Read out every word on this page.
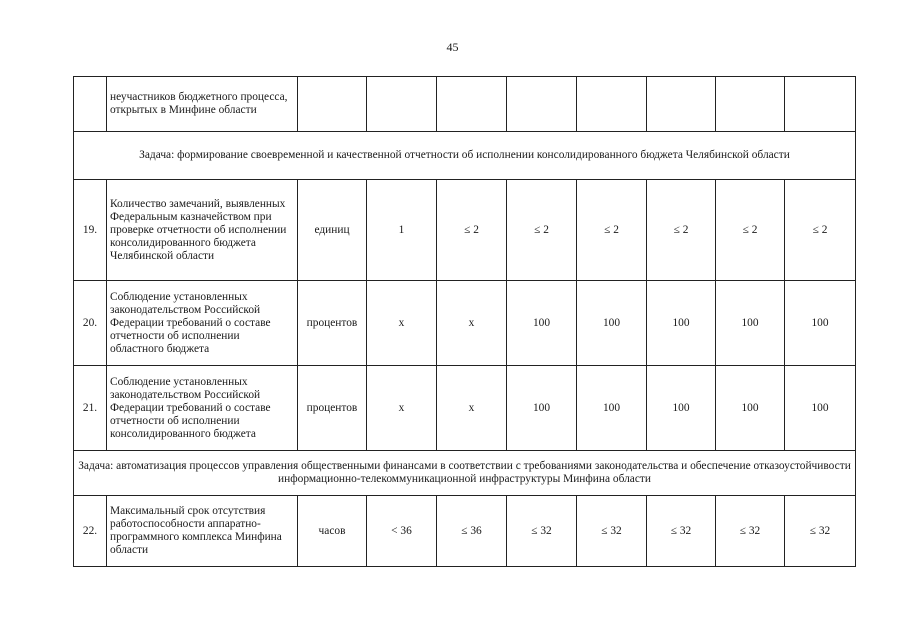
45
	неучастников бюджетного процесса, открытых в Минфине области								
Задача: формирование своевременной и качественной отчетности об исполнении консолидированного бюджета Челябинской области									
19.	Количество замечаний, выявленных Федеральным казначейством при проверке отчетности об исполнении консолидированного бюджета Челябинской области	единиц	1	≤ 2	≤ 2	≤ 2	≤ 2	≤ 2	≤ 2
20.	Соблюдение установленных законодательством Российской Федерации требований о составе отчетности об исполнении областного бюджета	процентов	х	х	100	100	100	100	100
21.	Соблюдение установленных законодательством Российской Федерации требований о составе отчетности об исполнении консолидированного бюджета	процентов	х	х	100	100	100	100	100
Задача: автоматизация процессов управления общественными финансами в соответствии с требованиями законодательства и обеспечение отказоустойчивости информационно-телекоммуникационной инфраструктуры Минфина области									
22.	Максимальный срок отсутствия работоспособности аппаратно-программного комплекса Минфина области	часов	< 36	≤ 36	≤ 32	≤ 32	≤ 32	≤ 32	≤ 32
